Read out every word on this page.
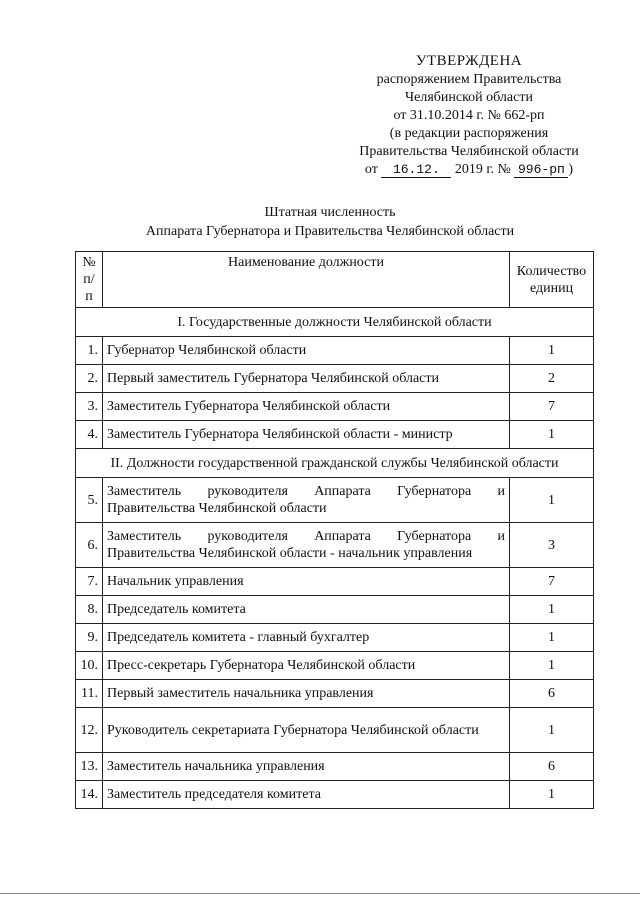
УТВЕРЖДЕНА
распоряжением Правительства
Челябинской области
от 31.10.2014 г. № 662-рп
(в редакции распоряжения
Правительства Челябинской области
от 16.12. 2019 г. № 996-рп )
Штатная численность
Аппарата Губернатора и Правительства Челябинской области
№ п/п	Наименование должности	Количество единиц
I. Государственные должности Челябинской области		
1.	Губернатор Челябинской области	1
2.	Первый заместитель Губернатора Челябинской области	2
3.	Заместитель Губернатора Челябинской области	7
4.	Заместитель Губернатора Челябинской области - министр	1
II. Должности государственной гражданской службы Челябинской области		
5.	Заместитель руководителя Аппарата Губернатора и Правительства Челябинской области	1
6.	Заместитель руководителя Аппарата Губернатора и Правительства Челябинской области - начальник управления	3
7.	Начальник управления	7
8.	Председатель комитета	1
9.	Председатель комитета - главный бухгалтер	1
10.	Пресс-секретарь Губернатора Челябинской области	1
11.	Первый заместитель начальника управления	6
12.	Руководитель секретариата Губернатора Челябинской области	1
13.	Заместитель начальника управления	6
14.	Заместитель председателя комитета	1
